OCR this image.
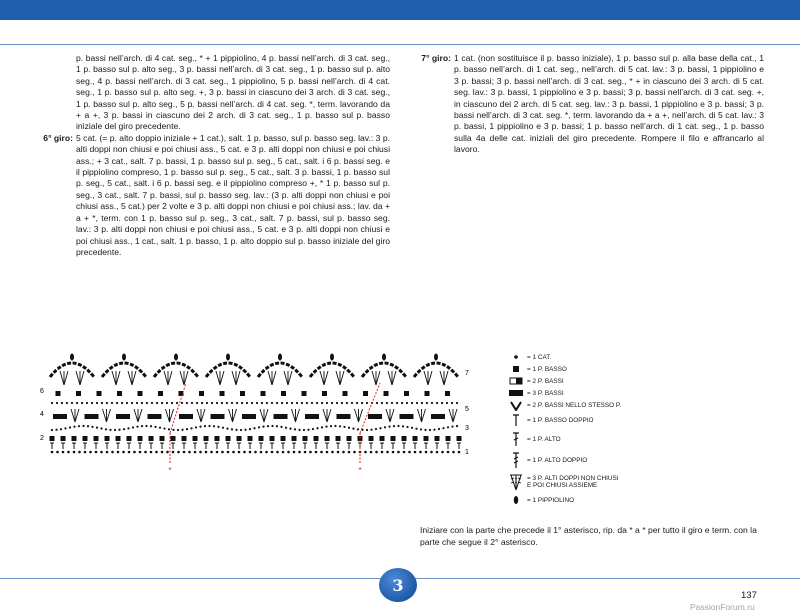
p. bassi nell’arch. di 4 cat. seg., * + 1 pippiolino, 4 p. bassi nell’arch. di 3 cat. seg., 1 p. basso sul p. alto seg., 3 p. bassi nell’arch. di 3 cat. seg., 1 p. basso sul p. alto seg., 4 p. bassi nell’arch. di 3 cat. seg., 1 pippiolino, 5 p. bassi nell’arch. di 4 cat. seg., 1 p. basso sul p. alto seg. +, 3 p. bassi in ciascuno dei 3 arch. di 3 cat. seg., 1 p. basso sul p. alto seg., 5 p. bassi nell’arch. di 4 cat. seg. *, term. lavorando da + a +, 3 p. bassi in ciascuno dei 2 arch. di 3 cat. seg., 1 p. basso sul p. basso iniziale del giro precedente.

6° giro: 5 cat. (= p. alto doppio iniziale + 1 cat.), salt. 1 p. basso, sul p. basso seg. lav.: 3 p. alti doppi non chiusi e poi chiusi ass., 5 cat. e 3 p. alti doppi non chiusi e poi chiusi ass.; + 3 cat., salt. 7 p. bassi, 1 p. basso sul p. seg., 5 cat., salt. i 6 p. bassi seg. e il pippiolino compreso, 1 p. basso sul p. seg., 5 cat., salt. 3 p. bassi, 1 p. basso sul p. seg., 5 cat., salt. i 6 p. bassi seg. e il pippiolino compreso +, * 1 p. basso sul p. seg., 3 cat., salt. 7 p. bassi, sul p. basso seg. lav.: (3 p. alti doppi non chiusi e poi chiusi ass., 5 cat.) per 2 volte e 3 p. alti doppi non chiusi e poi chiusi ass.; lav. da + a + *, term. con 1 p. basso sul p. seg., 3 cat., salt. 7 p. bassi, sul p. basso seg. lav.: 3 p. alti doppi non chiusi e poi chiusi ass., 5 cat. e 3 p. alti doppi non chiusi e poi chiusi ass., 1 cat., salt. 1 p. basso, 1 p. alto doppio sul p. basso iniziale del giro precedente.
7° giro: 1 cat. (non sostituisce il p. basso iniziale), 1 p. basso sul p. alla base della cat., 1 p. basso nell’arch. di 1 cat. seg., nell’arch. di 5 cat. lav.: 3 p. bassi, 1 pippiolino e 3 p. bassi; 3 p. bassi nell’arch. di 3 cat. seg., * + in ciascuno dei 3 arch. di 5 cat. seg. lav.: 3 p. bassi, 1 pippiolino e 3 p. bassi; 3 p. bassi nell’arch. di 3 cat. seg. +, in ciascuno dei 2 arch. di 5 cat. seg. lav.: 3 p. bassi, 1 pippiolino e 3 p. bassi; 3 p. bassi nell’arch. di 3 cat. seg. *, term. lavorando da + a +, nell’arch. di 5 cat. lav.: 3 p. bassi, 1 pippiolino e 3 p. bassi; 1 p. basso nell’arch. di 1 cat. seg., 1 p. basso sulla 4a delle cat. iniziali del giro precedente. Rompere il filo e affrancarlo al lavoro.
6
4
2
7
5
3
1
*	*
= 1 CAT.
= 1 P. BASSO
= 2 P. BASSI
= 3 P. BASSI
= 2 P. BASSI NELLO STESSO P.
= 1 P. BASSO DOPPIO
= 1 P. ALTO
= 1 P. ALTO DOPPIO
= 3 P. ALTI DOPPI NON CHIUSI
E POI CHIUSI ASSIEME
= 1 PIPPIOLINO

Iniziare con la parte che precede il 1° asterisco, rip. da * a * per tutto il giro e term. con la parte che segue il 2° asterisco.

3
137
PassionForum.ru
